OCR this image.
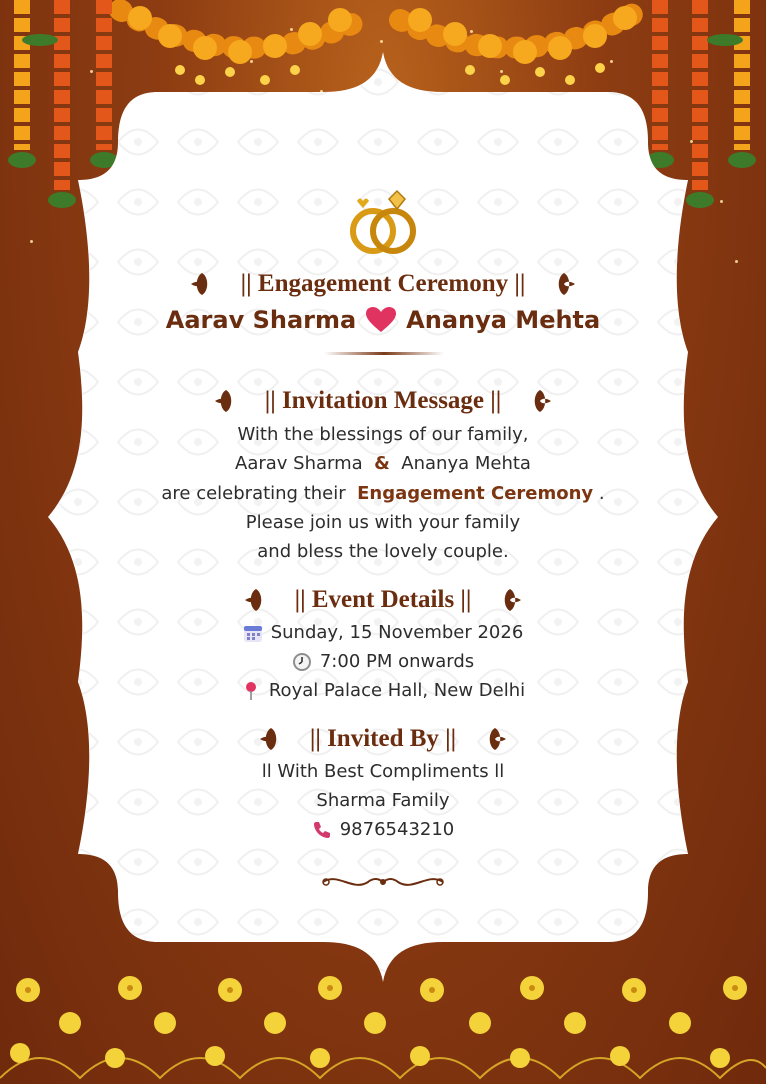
|| Engagement Ceremony ||
Aarav Sharma Ananya Mehta
|| Invitation Message ||
With the blessings of our family,
Aarav Sharma & Ananya Mehta
are celebrating their Engagement Ceremony .
Please join us with your family
and bless the lovely couple.
|| Event Details ||
Sunday, 15 November 2026
7:00 PM onwards
Royal Palace Hall, New Delhi
|| Invited By ||
ll With Best Compliments ll
Sharma Family
9876543210
